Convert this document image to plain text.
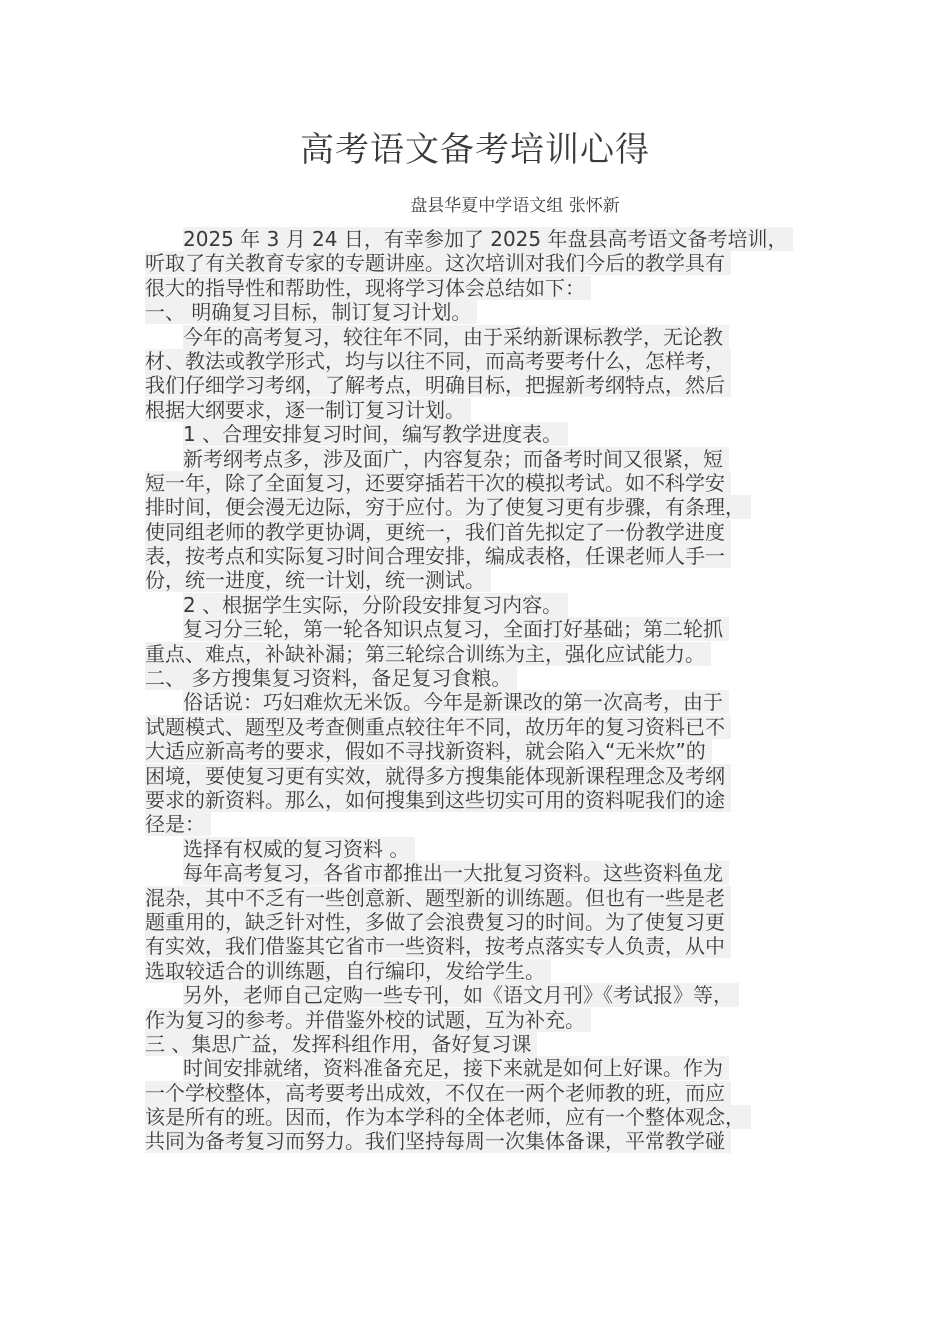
高考语文备考培训心得
盘县华夏中学语文组 张怀新
2025 年 3 月 24 日，有幸参加了 2025 年盘县高考语文备考培训，
听取了有关教育专家的专题讲座。这次培训对我们今后的教学具有
很大的指导性和帮助性，现将学习体会总结如下：
一、 明确复习目标，制订复习计划。
今年的高考复习，较往年不同，由于采纳新课标教学，无论教
材、教法或教学形式，均与以往不同，而高考要考什么，怎样考，
我们仔细学习考纲，了解考点，明确目标，把握新考纲特点，然后
根据大纲要求，逐一制订复习计划。
1 、合理安排复习时间，编写教学进度表。
新考纲考点多，涉及面广，内容复杂；而备考时间又很紧，短
短一年，除了全面复习，还要穿插若干次的模拟考试。如不科学安
排时间，便会漫无边际，穷于应付。为了使复习更有步骤，有条理，
使同组老师的教学更协调，更统一，我们首先拟定了一份教学进度
表，按考点和实际复习时间合理安排，编成表格，任课老师人手一
份，统一进度，统一计划，统一测试。
2 、根据学生实际，分阶段安排复习内容。
复习分三轮，第一轮各知识点复习，全面打好基础；第二轮抓
重点、难点，补缺补漏；第三轮综合训练为主，强化应试能力。
二、 多方搜集复习资料，备足复习食粮。
俗话说：巧妇难炊无米饭。今年是新课改的第一次高考，由于
试题模式、题型及考查侧重点较往年不同，故历年的复习资料已不
大适应新高考的要求，假如不寻找新资料，就会陷入“无米炊”的
困境，要使复习更有实效，就得多方搜集能体现新课程理念及考纲
要求的新资料。那么，如何搜集到这些切实可用的资料呢我们的途
径是：
选择有权威的复习资料 。
每年高考复习，各省市都推出一大批复习资料。这些资料鱼龙
混杂，其中不乏有一些创意新、题型新的训练题。但也有一些是老
题重用的，缺乏针对性，多做了会浪费复习的时间。为了使复习更
有实效，我们借鉴其它省市一些资料，按考点落实专人负责，从中
选取较适合的训练题，自行编印，发给学生。
另外，老师自己定购一些专刊，如《语文月刊》《考试报》等，
作为复习的参考。并借鉴外校的试题，互为补充。
三 、集思广益，发挥科组作用，备好复习课
时间安排就绪，资料准备充足，接下来就是如何上好课。作为
一个学校整体，高考要考出成效，不仅在一两个老师教的班，而应
该是所有的班。因而，作为本学科的全体老师，应有一个整体观念，
共同为备考复习而努力。我们坚持每周一次集体备课，平常教学碰
